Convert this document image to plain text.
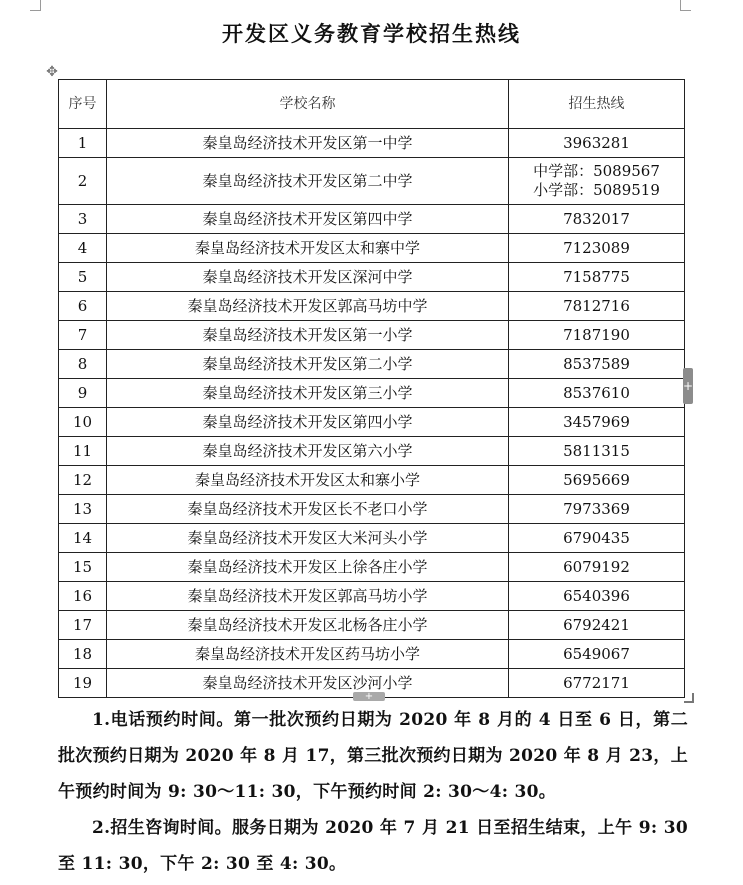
开发区义务教育学校招生热线
✥
序号	学校名称	招生热线
1	秦皇岛经济技术开发区第一中学	3963281

2	秦皇岛经济技术开发区第二中学	中学部：5089567
小学部：5089519

3	秦皇岛经济技术开发区第四中学	7832017

4	秦皇岛经济技术开发区太和寨中学	7123089

5	秦皇岛经济技术开发区深河中学	7158775

6	秦皇岛经济技术开发区郭高马坊中学	7812716

7	秦皇岛经济技术开发区第一小学	7187190

8	秦皇岛经济技术开发区第二小学	8537589

9	秦皇岛经济技术开发区第三小学	8537610

10	秦皇岛经济技术开发区第四小学	3457969

11	秦皇岛经济技术开发区第六小学	5811315

12	秦皇岛经济技术开发区太和寨小学	5695669

13	秦皇岛经济技术开发区长不老口小学	7973369

14	秦皇岛经济技术开发区大米河头小学	6790435

15	秦皇岛经济技术开发区上徐各庄小学	6079192

16	秦皇岛经济技术开发区郭高马坊小学	6540396

17	秦皇岛经济技术开发区北杨各庄小学	6792421

18	秦皇岛经济技术开发区药马坊小学	6549067

19	秦皇岛经济技术开发区沙河小学	6772171
+
+
1.电话预约时间。第一批次预约日期为 2020 年 8 月的 4 日至 6 日，第二批次预约日期为 2020 年 8 月 17，第三批次预约日期为 2020 年 8 月 23，上午预约时间为 9: 30～11: 30，下午预约时间 2: 30～4: 30。
2.招生咨询时间。服务日期为 2020 年 7 月 21 日至招生结束，上午 9: 30 至 11: 30，下午 2: 30 至 4: 30。
